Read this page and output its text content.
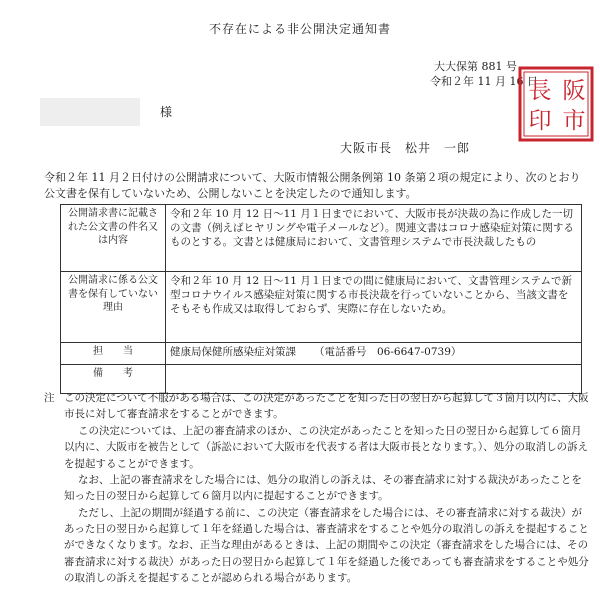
不存在による非公開決定通知書
大大保第 881 号
令和２年 11 月 16 日
様
大阪市長　松井　一郎
阪
市
長
印
令和２年 11 月２日付けの公開請求について、大阪市情報公開条例第 10 条第２項の規定により、次のとおり公文書を保有していないため、公開しないことを決定したので通知します。
公開請求書に記載された公文書の件名又は内容	令和２年 10 月 12 日～11 月１日までにおいて、大阪市長が決裁の為に作成した一切の文書（例えばヒヤリングや電子メールなど）。関連文書はコロナ感染症対策に関するものとする。文書とは健康局において、文書管理システムで市長決裁したもの
公開請求に係る公文書を保有していない理由	令和２年 10 月 12 日～11 月１日までの間に健康局において、文書管理システムで新型コロナウイルス感染症対策に関する市長決裁を行っていないことから、当該文書をそもそも作成又は取得しておらず、実際に存在しないため。
担　　当	健康局保健所感染症対策課 （電話番号　06-6647-0739）
備　　考	
注 この決定について不服がある場合は、この決定があったことを知った日の翌日から起算して３箇月以内に、大阪市長に対して審査請求をすることができます。

この決定については、上記の審査請求のほか、この決定があったことを知った日の翌日から起算して６箇月以内に、大阪市を被告として（訴訟において大阪市を代表する者は大阪市長となります。）、処分の取消しの訴えを提起することができます。

なお、上記の審査請求をした場合には、処分の取消しの訴えは、その審査請求に対する裁決があったことを知った日の翌日から起算して６箇月以内に提起することができます。

ただし、上記の期間が経過する前に、この決定（審査請求をした場合には、その審査請求に対する裁決）があった日の翌日から起算して１年を経過した場合は、審査請求をすることや処分の取消しの訴えを提起することができなくなります。なお、正当な理由があるときは、上記の期間やこの決定（審査請求をした場合には、その審査請求に対する裁決）があった日の翌日から起算して１年を経過した後であっても審査請求をすることや処分の取消しの訴えを提起することが認められる場合があります。
